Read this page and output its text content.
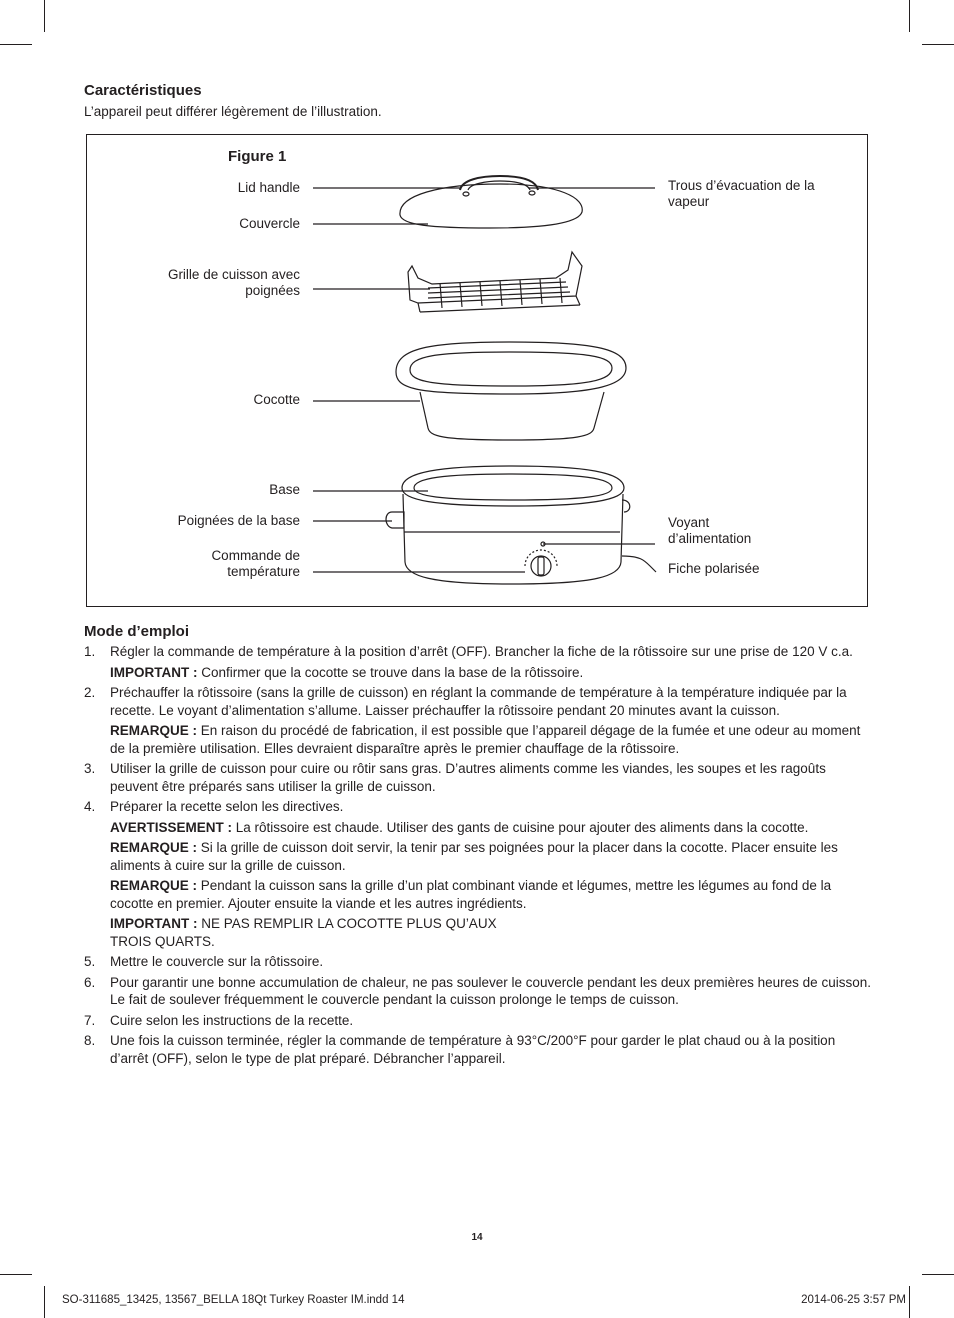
Caractéristiques

L’appareil peut différer légèrement de l’illustration.

Figure 1
Lid handle
Couvercle
Grille de cuisson avec poignées
Cocotte
Base
Poignées de la base
Commande de température
Trous d’évacuation de la vapeur
Voyant d’alimentation
Fiche polarisée
Mode d’emploi
1. Régler la commande de température à la position d’arrêt (OFF). Brancher la fiche de la rôtissoire sur une prise de 120 V c.a.

IMPORTANT : Confirmer que la cocotte se trouve dans la base de la rôtissoire.

2. Préchauffer la rôtissoire (sans la grille de cuisson) en réglant la commande de température à la température indiquée par la recette. Le voyant d’alimentation s’allume. Laisser préchauffer la rôtissoire pendant 20 minutes avant la cuisson.

REMARQUE : En raison du procédé de fabrication, il est possible que l’appareil dégage de la fumée et une odeur au moment de la première utilisation. Elles devraient disparaître après le premier chauffage de la rôtissoire.

3. Utiliser la grille de cuisson pour cuire ou rôtir sans gras. D’autres aliments comme les viandes, les soupes et les ragoûts peuvent être préparés sans utiliser la grille de cuisson.
4. Préparer la recette selon les directives.

AVERTISSEMENT : La rôtissoire est chaude. Utiliser des gants de cuisine pour ajouter des aliments dans la cocotte.

REMARQUE : Si la grille de cuisson doit servir, la tenir par ses poignées pour la placer dans la cocotte. Placer ensuite les aliments à cuire sur la grille de cuisson.

REMARQUE : Pendant la cuisson sans la grille d’un plat combinant viande et légumes, mettre les légumes au fond de la cocotte en premier. Ajouter ensuite la viande et les autres ingrédients.

IMPORTANT : NE PAS REMPLIR LA COCOTTE PLUS QU’AUX TROIS QUARTS.

5. Mettre le couvercle sur la rôtissoire.
6. Pour garantir une bonne accumulation de chaleur, ne pas soulever le couvercle pendant les deux premières heures de cuisson. Le fait de soulever fréquemment le couvercle pendant la cuisson prolonge le temps de cuisson.
7. Cuire selon les instructions de la recette.
8. Une fois la cuisson terminée, régler la commande de température à 93°C/200°F pour garder le plat chaud ou à la position d’arrêt (OFF), selon le type de plat préparé. Débrancher l’appareil.
14
SO-311685_13425, 13567_BELLA 18Qt Turkey Roaster IM.indd 14	2014-06-25 3:57 PM
